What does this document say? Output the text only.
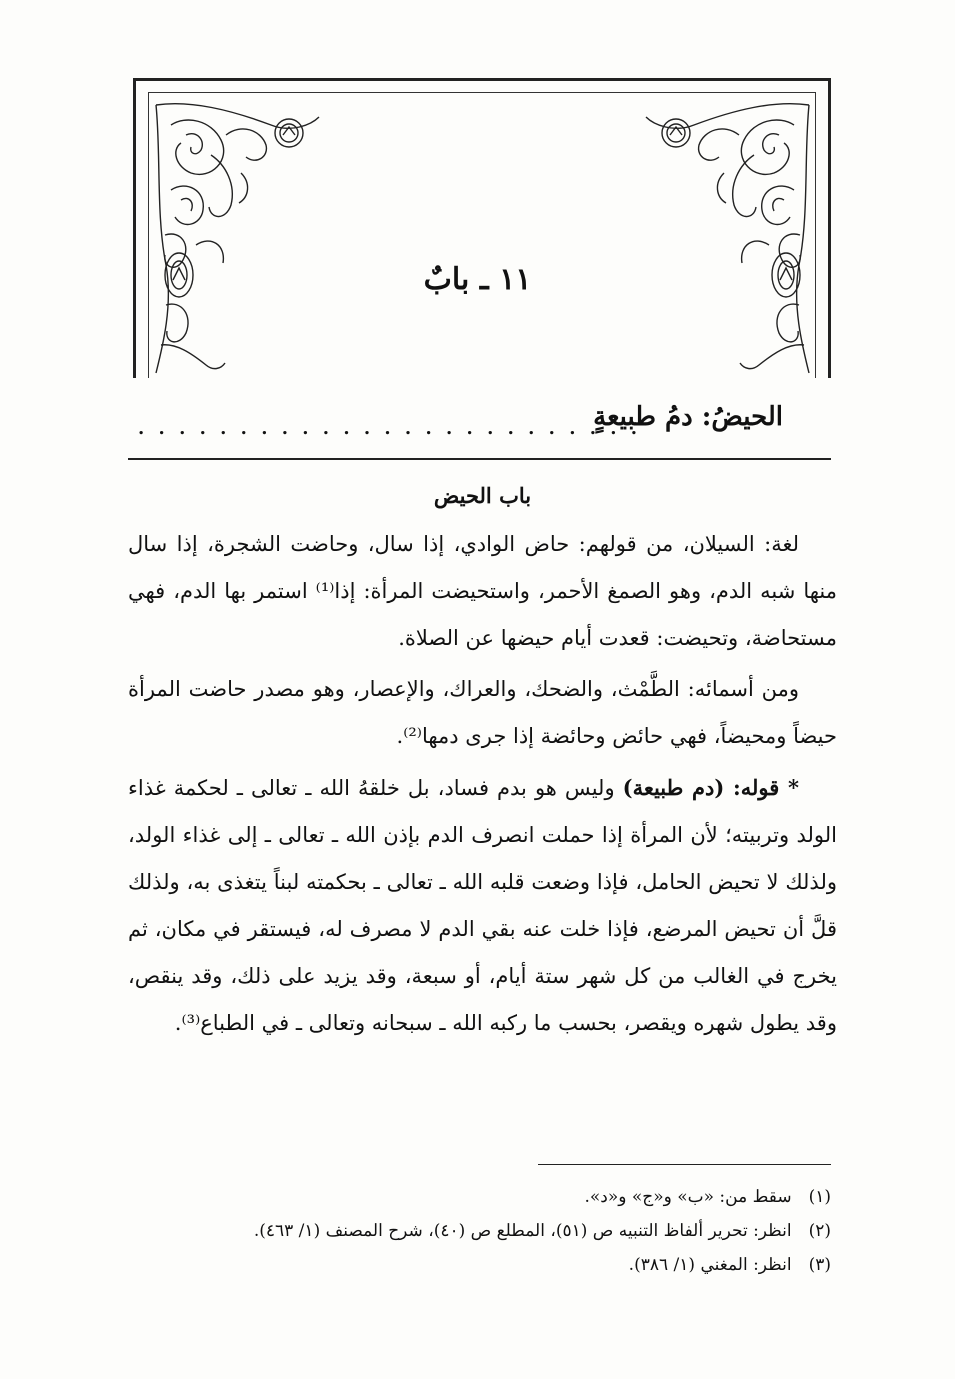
١١ ـ بابٌ
الحيضُ: دمُ طبيعةٍ
. . . . . . . . . . . . . . . . . . . . . . . . .
باب الحيض

لغة: السيلان، من قولهم: حاض الوادي، إذا سال، وحاضت الشجرة، إذا سال منها شبه الدم، وهو الصمغ الأحمر، واستحيضت المرأة: إذا⁽¹⁾ استمر بها الدم، فهي مستحاضة، وتحيضت: قعدت أيام حيضها عن الصلاة.

ومن أسمائه: الطَّمْث، والضحك، والعراك، والإعصار، وهو مصدر حاضت المرأة حيضاً ومحيضاً، فهي حائض وحائضة إذا جرى دمها⁽²⁾.

* قوله: (دم طبيعة) وليس هو بدم فساد، بل خلقهُ الله ـ تعالى ـ لحكمة غذاء الولد وتربيته؛ لأن المرأة إذا حملت انصرف الدم بإذن الله ـ تعالى ـ إلى غذاء الولد، ولذلك لا تحيض الحامل، فإذا وضعت قلبه الله ـ تعالى ـ بحكمته لبناً يتغذى به، ولذلك قلَّ أن تحيض المرضع، فإذا خلت عنه بقي الدم لا مصرف له، فيستقر في مكان، ثم يخرج في الغالب من كل شهر ستة أيام، أو سبعة، وقد يزيد على ذلك، وقد ينقص، وقد يطول شهره ويقصر، بحسب ما ركبه الله ـ سبحانه وتعالى ـ في الطباع⁽³⁾.

(١) سقط من: «ب» و«ج» و«د».
(٢) انظر: تحرير ألفاظ التنبيه ص (٥١)، المطلع ص (٤٠)، شرح المصنف (١/ ٤٦٣).
(٣) انظر: المغني (١/ ٣٨٦).
